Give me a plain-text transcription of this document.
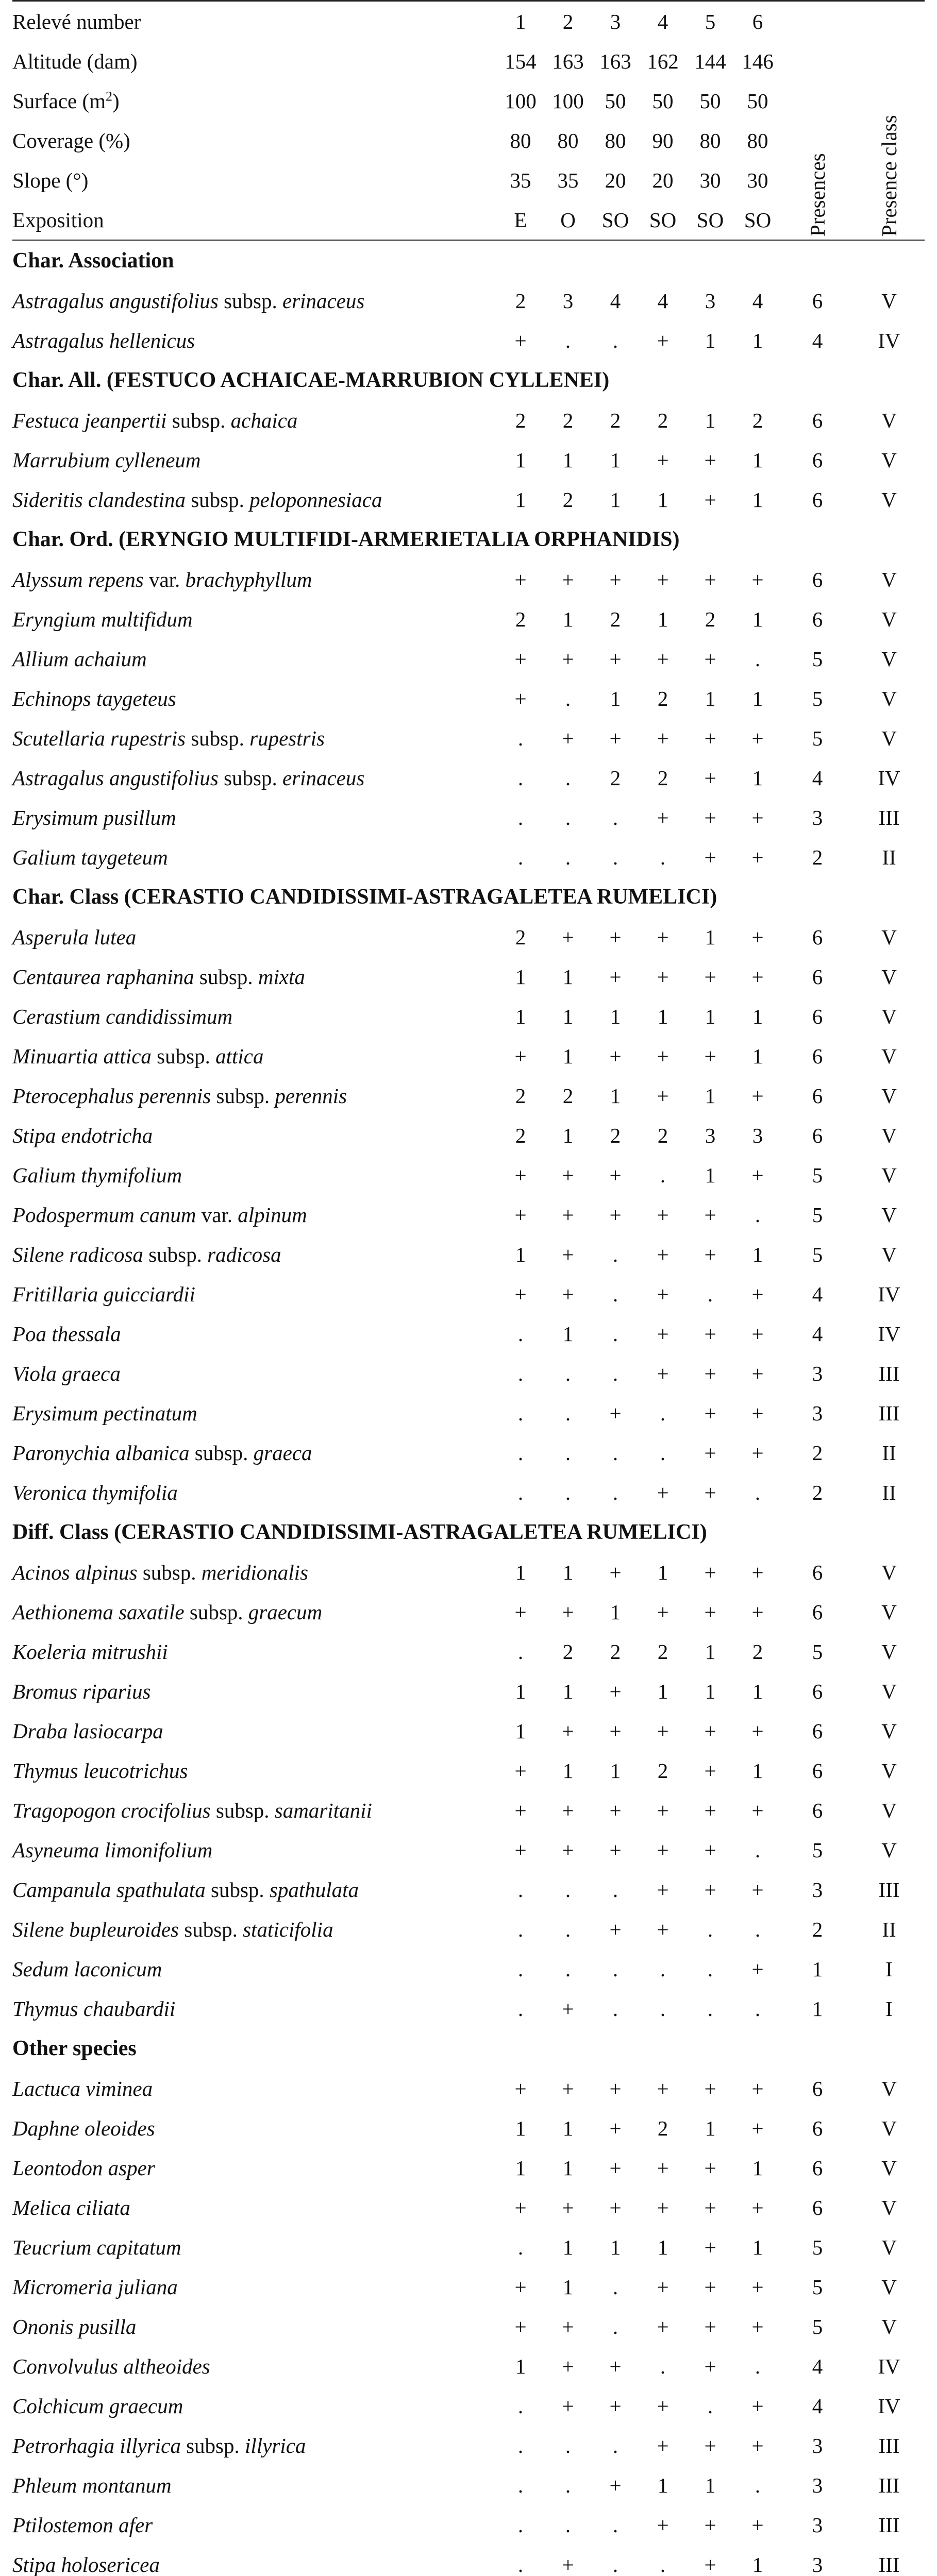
Relevé number	1	2	3	4	5	6		
Altitude (dam)	154	163	163	162	144	146		
Surface $(m^2)$	100	100	50	50	50	50		
Coverage (%)	80	80	80	90	80	80		
Slope (°)	35	35	20	20	30	30		
Exposition	E	O	SO	SO	SO	SO	Presences	Presence class

Char. Association								
Astragalus angustifolius subsp. erinaceus	2	3	4	4	3	4	6	V
Astragalus hellenicus	+	.	.	+	1	1	4	IV
Char. All. (FESTUCO ACHAICAE-MARRUBION CYLLENEI)								
Festuca jeanpertii subsp. achaica	2	2	2	2	1	2	6	V
Marrubium cylleneum	1	1	1	+	+	1	6	V
Sideritis clandestina subsp. peloponnesiaca	1	2	1	1	+	1	6	V
Char. Ord. (ERYNGIO MULTIFIDI-ARMERIETALIA ORPHANIDIS)								
Alyssum repens var. brachyphyllum	+	+	+	+	+	+	6	V
Eryngium multifidum	2	1	2	1	2	1	6	V
Allium achaium	+	+	+	+	+	.	5	V
Echinops taygeteus	+	.	1	2	1	1	5	V
Scutellaria rupestris subsp. rupestris	.	+	+	+	+	+	5	V
Astragalus angustifolius subsp. erinaceus	.	.	2	2	+	1	4	IV
Erysimum pusillum	.	.	.	+	+	+	3	III
Galium taygeteum	.	.	.	.	+	+	2	II
Char. Class (CERASTIO CANDIDISSIMI-ASTRAGALETEA RUMELICI)								
Asperula lutea	2	+	+	+	1	+	6	V
Centaurea raphanina subsp. mixta	1	1	+	+	+	+	6	V
Cerastium candidissimum	1	1	1	1	1	1	6	V
Minuartia attica subsp. attica	+	1	+	+	+	1	6	V
Pterocephalus perennis subsp. perennis	2	2	1	+	1	+	6	V
Stipa endotricha	2	1	2	2	3	3	6	V
Galium thymifolium	+	+	+	.	1	+	5	V
Podospermum canum var. alpinum	+	+	+	+	+	.	5	V
Silene radicosa subsp. radicosa	1	+	.	+	+	1	5	V
Fritillaria guicciardii	+	+	.	+	.	+	4	IV
Poa thessala	.	1	.	+	+	+	4	IV
Viola graeca	.	.	.	+	+	+	3	III
Erysimum pectinatum	.	.	+	.	+	+	3	III
Paronychia albanica subsp. graeca	.	.	.	.	+	+	2	II
Veronica thymifolia	.	.	.	+	+	.	2	II
Diff. Class (CERASTIO CANDIDISSIMI-ASTRAGALETEA RUMELICI)								
Acinos alpinus subsp. meridionalis	1	1	+	1	+	+	6	V
Aethionema saxatile subsp. graecum	+	+	1	+	+	+	6	V
Koeleria mitrushii	.	2	2	2	1	2	5	V
Bromus riparius	1	1	+	1	1	1	6	V
Draba lasiocarpa	1	+	+	+	+	+	6	V
Thymus leucotrichus	+	1	1	2	+	1	6	V
Tragopogon crocifolius subsp. samaritanii	+	+	+	+	+	+	6	V
Asyneuma limonifolium	+	+	+	+	+	.	5	V
Campanula spathulata subsp. spathulata	.	.	.	+	+	+	3	III
Silene bupleuroides subsp. staticifolia	.	.	+	+	.	.	2	II
Sedum laconicum	.	.	.	.	.	+	1	I
Thymus chaubardii	.	+	.	.	.	.	1	I
Other species								
Lactuca viminea	+	+	+	+	+	+	6	V
Daphne oleoides	1	1	+	2	1	+	6	V
Leontodon asper	1	1	+	+	+	1	6	V
Melica ciliata	+	+	+	+	+	+	6	V
Teucrium capitatum	.	1	1	1	+	1	5	V
Micromeria juliana	+	1	.	+	+	+	5	V
Ononis pusilla	+	+	.	+	+	+	5	V
Convolvulus altheoides	1	+	+	.	+	.	4	IV
Colchicum graecum	.	+	+	+	.	+	4	IV
Petrorhagia illyrica subsp. illyrica	.	.	.	+	+	+	3	III
Phleum montanum	.	.	+	1	1	.	3	III
Ptilostemon afer	.	.	.	+	+	+	3	III
Stipa holosericea	.	+	.	.	+	1	3	III
